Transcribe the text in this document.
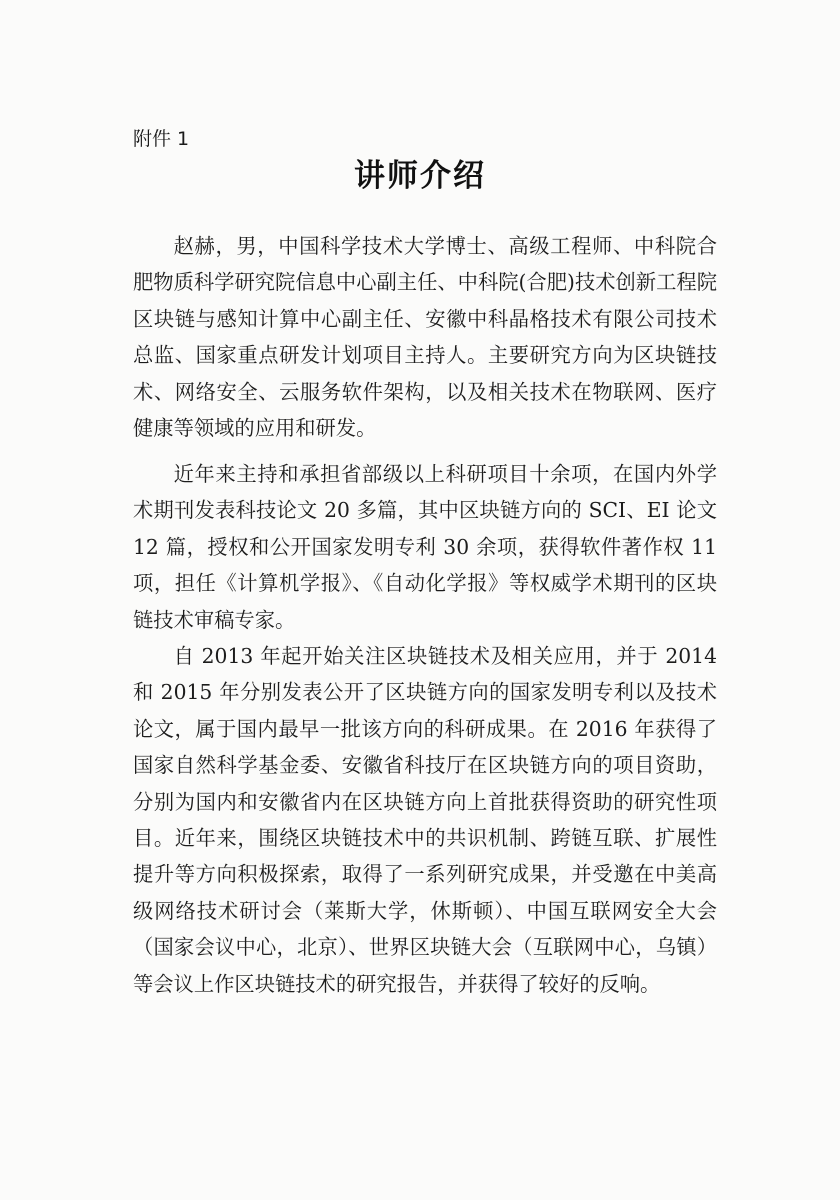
附件 1
讲师介绍

赵赫，男，中国科学技术大学博士、高级工程师、中科院合肥物质科学研究院信息中心副主任、中科院(合肥)技术创新工程院区块链与感知计算中心副主任、安徽中科晶格技术有限公司技术总监、国家重点研发计划项目主持人。主要研究方向为区块链技术、网络安全、云服务软件架构，以及相关技术在物联网、医疗健康等领域的应用和研发。

近年来主持和承担省部级以上科研项目十余项，在国内外学术期刊发表科技论文 20 多篇，其中区块链方向的 SCI、EI 论文 12 篇，授权和公开国家发明专利 30 余项，获得软件著作权 11 项，担任《计算机学报》、《自动化学报》等权威学术期刊的区块链技术审稿专家。

自 2013 年起开始关注区块链技术及相关应用，并于 2014 和 2015 年分别发表公开了区块链方向的国家发明专利以及技术论文，属于国内最早一批该方向的科研成果。在 2016 年获得了国家自然科学基金委、安徽省科技厅在区块链方向的项目资助，分别为国内和安徽省内在区块链方向上首批获得资助的研究性项目。近年来，围绕区块链技术中的共识机制、跨链互联、扩展性提升等方向积极探索，取得了一系列研究成果，并受邀在中美高级网络技术研讨会（莱斯大学，休斯顿）、中国互联网安全大会（国家会议中心，北京）、世界区块链大会（互联网中心，乌镇）等会议上作区块链技术的研究报告，并获得了较好的反响。
